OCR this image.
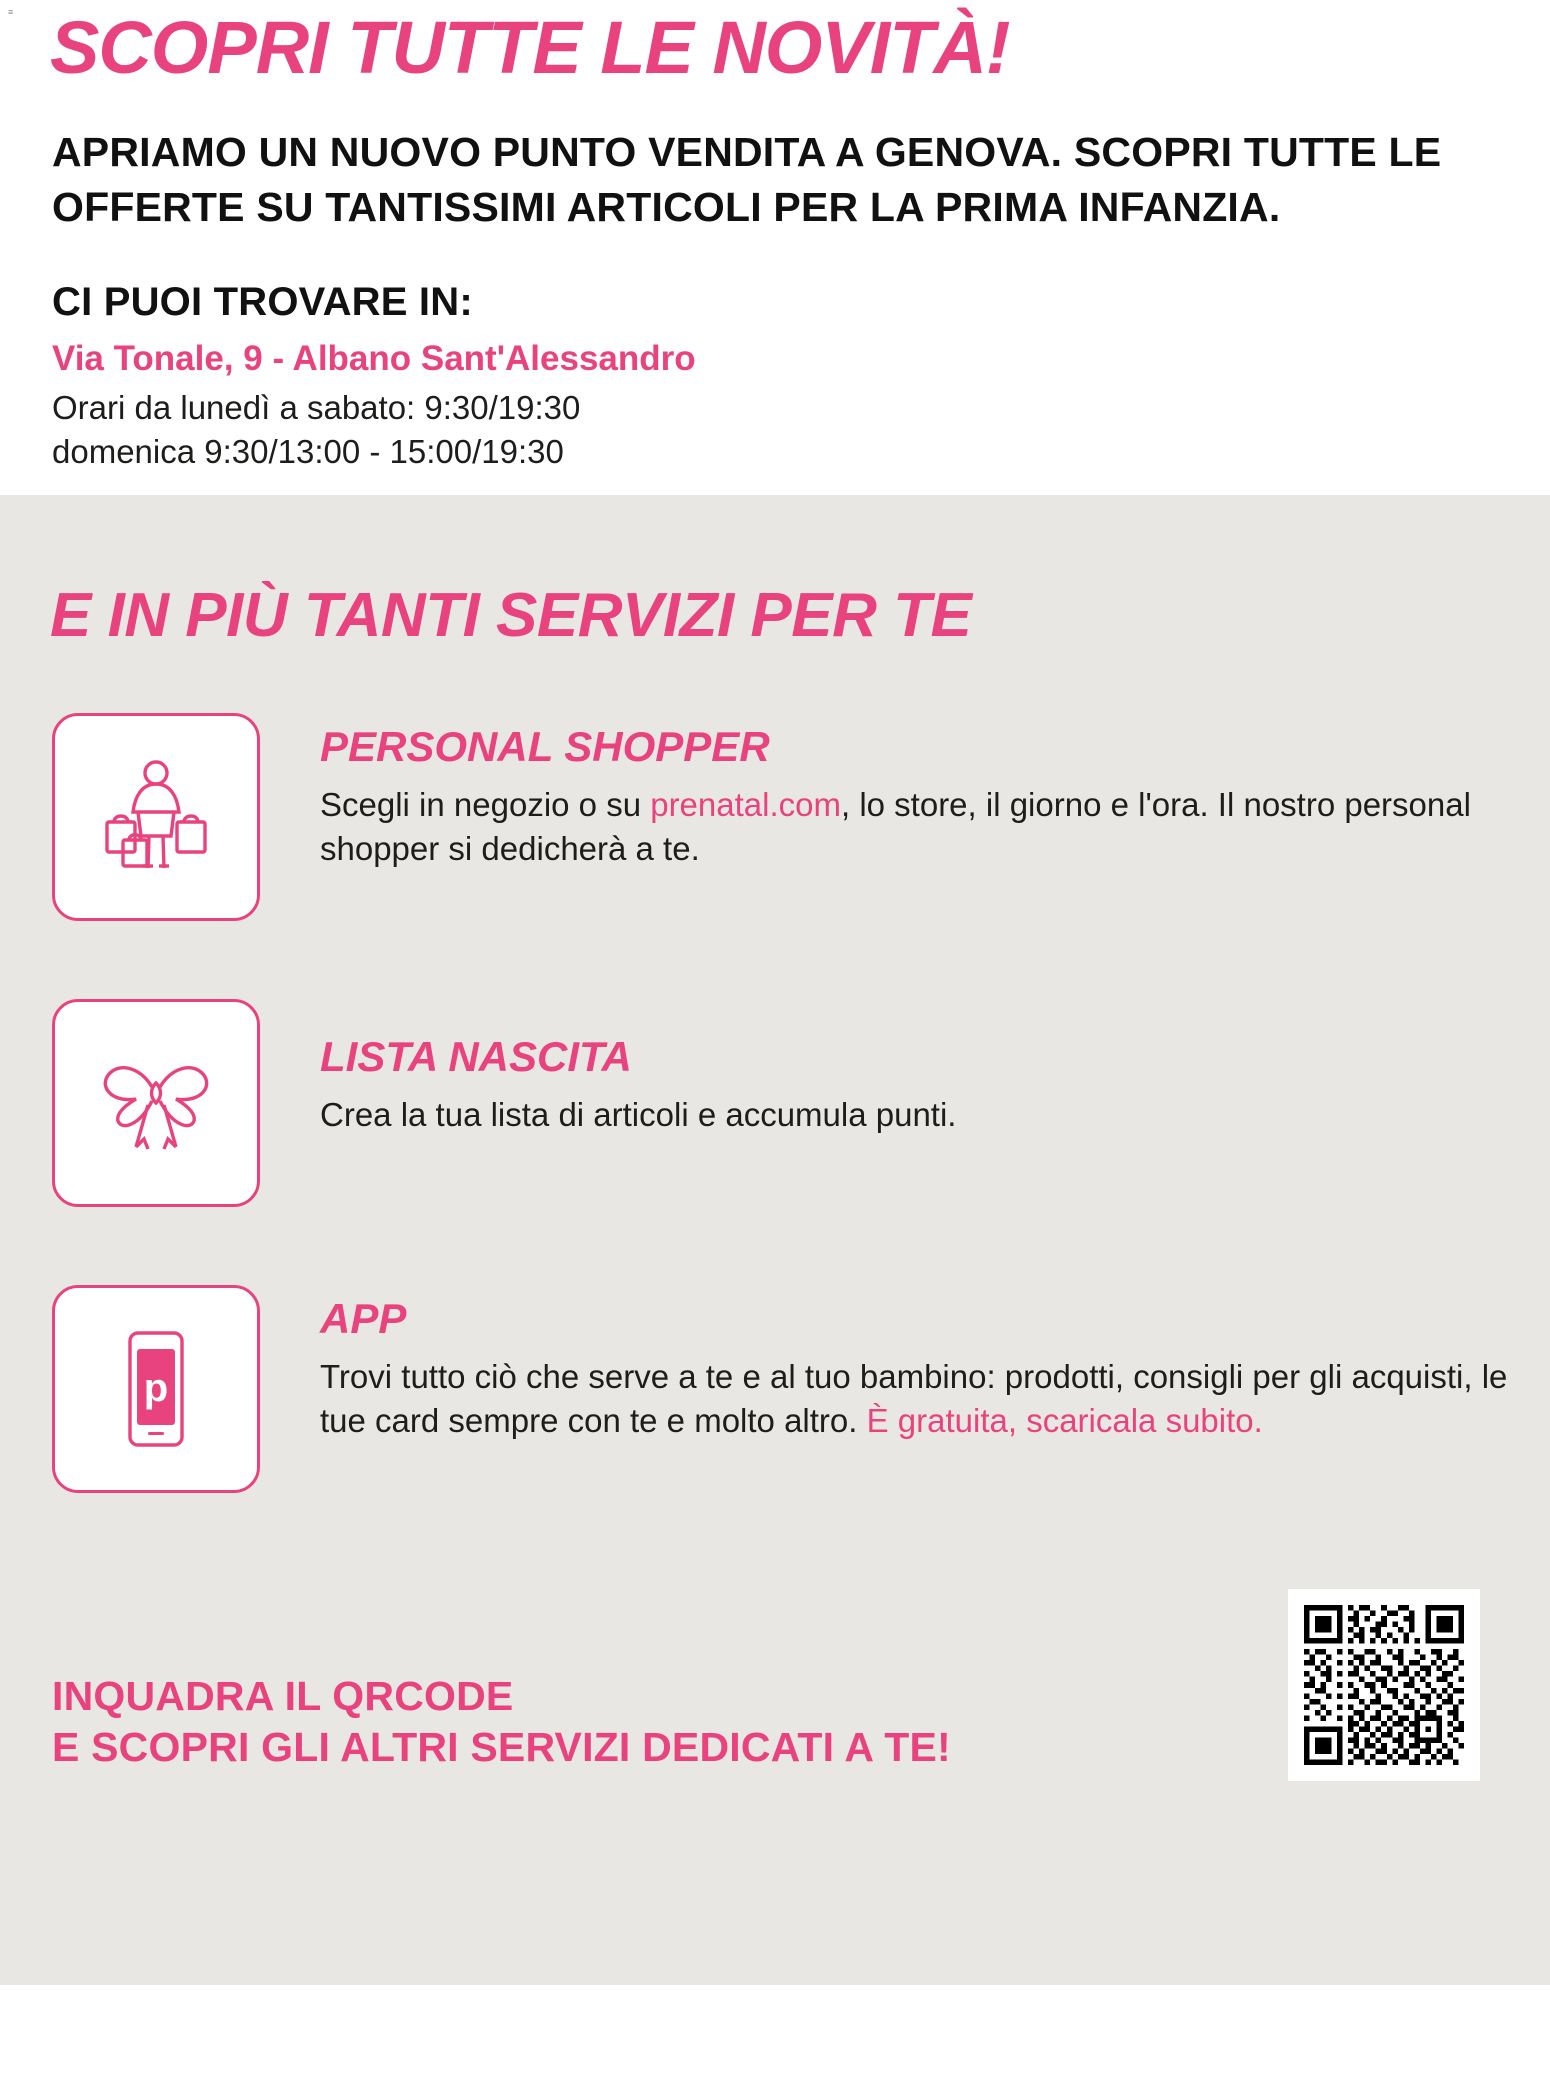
≡ SCOPRI TUTTE LE NOVITÀ!
APRIAMO UN NUOVO PUNTO VENDITA A GENOVA. SCOPRI TUTTE LE OFFERTE SU TANTISSIMI ARTICOLI PER LA PRIMA INFANZIA.
CI PUOI TROVARE IN:
Via Tonale, 9 - Albano Sant'Alessandro
Orari da lunedì a sabato: 9:30/19:30
domenica 9:30/13:00 - 15:00/19:30
E IN PIÙ TANTI SERVIZI PER TE
PERSONAL SHOPPER
Scegli in negozio o su prenatal.com, lo store, il giorno e l'ora. Il nostro personal shopper si dedicherà a te.
LISTA NASCITA
Crea la tua lista di articoli e accumula punti.
p
APP
Trovi tutto ciò che serve a te e al tuo bambino: prodotti, consigli per gli acquisti, le tue card sempre con te e molto altro. È gratuita, scaricala subito.
INQUADRA IL QRCODE
E SCOPRI GLI ALTRI SERVIZI DEDICATI A TE!
